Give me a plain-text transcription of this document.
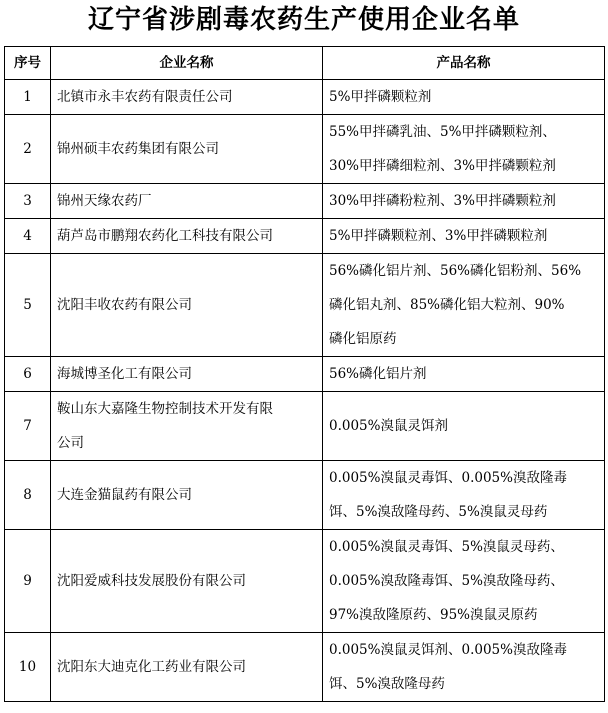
辽宁省涉剧毒农药生产使用企业名单
序号	企业名称	产品名称
1	北镇市永丰农药有限责任公司	5%甲拌磷颗粒剂
2	锦州硕丰农药集团有限公司	55%甲拌磷乳油、5%甲拌磷颗粒剂、
30%甲拌磷细粒剂、3%甲拌磷颗粒剂
3	锦州天缘农药厂	30%甲拌磷粉粒剂、3%甲拌磷颗粒剂
4	葫芦岛市鹏翔农药化工科技有限公司	5%甲拌磷颗粒剂、3%甲拌磷颗粒剂
5	沈阳丰收农药有限公司	56%磷化铝片剂、56%磷化铝粉剂、56%
磷化铝丸剂、85%磷化铝大粒剂、90%
磷化铝原药
6	海城博圣化工有限公司	56%磷化铝片剂
7	鞍山东大嘉隆生物控制技术开发有限
公司	0.005%溴鼠灵饵剂
8	大连金猫鼠药有限公司	0.005%溴鼠灵毒饵、0.005%溴敌隆毒
饵、5%溴敌隆母药、5%溴鼠灵母药
9	沈阳爱威科技发展股份有限公司	0.005%溴鼠灵毒饵、5%溴鼠灵母药、
0.005%溴敌隆毒饵、5%溴敌隆母药、
97%溴敌隆原药、95%溴鼠灵原药
10	沈阳东大迪克化工药业有限公司	0.005%溴鼠灵饵剂、0.005%溴敌隆毒
饵、5%溴敌隆母药
